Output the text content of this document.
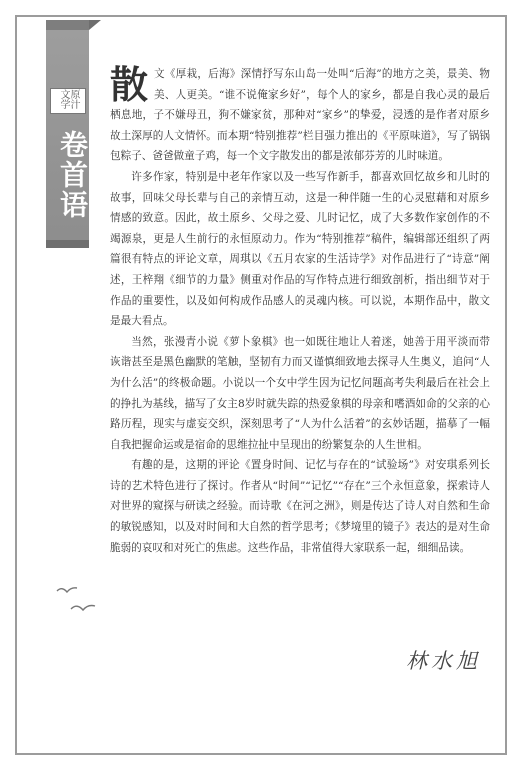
原汁文学
卷首语

散文《厚栽，后海》深情抒写东山岛一处叫“后海”的地方之美，景美、物美、人更美。“谁不说俺家乡好”，每个人的家乡，都是自我心灵的最后栖息地，子不嫌母丑，狗不嫌家贫，那种对“家乡”的挚爱，浸透的是作者对原乡故土深厚的人文情怀。而本期“特别推荐”栏目强力推出的《平原味道》，写了锅锅包粽子、爸爸做童子鸡，每一个文字散发出的都是浓郁芬芳的儿时味道。

许多作家，特别是中老年作家以及一些写作新手，都喜欢回忆故乡和儿时的故事，回味父母长辈与自己的亲情互动，这是一种伴随一生的心灵慰藉和对原乡情感的致意。因此，故土原乡、父母之爱、儿时记忆，成了大多数作家创作的不竭源泉，更是人生前行的永恒原动力。作为“特别推荐”稿件，编辑部还组织了两篇很有特点的评论文章，周琪以《五月农家的生活诗学》对作品进行了“诗意”阐述，王梓翔《细节的力量》侧重对作品的写作特点进行细致剖析，指出细节对于作品的重要性，以及如何构成作品感人的灵魂内核。可以说，本期作品中，散文是最大看点。

当然，张漫青小说《萝卜象棋》也一如既往地让人着迷，她善于用平淡而带诙谐甚至是黑色幽默的笔触，坚韧有力而又谨慎细致地去探寻人生奥义，追问“人为什么活”的终极命题。小说以一个女中学生因为记忆问题高考失利最后在社会上的挣扎为基线，描写了女主8岁时就失踪的热爱象棋的母亲和嗜酒如命的父亲的心路历程，现实与虚妄交织，深刻思考了“人为什么活着”的玄妙话题，描摹了一幅自我把握命运或是宿命的思维拉扯中呈现出的纷繁复杂的人生世相。

有趣的是，这期的评论《置身时间、记忆与存在的“试验场”》对安琪系列长诗的艺术特色进行了探讨。作者从“时间”“记忆”“存在”三个永恒意象，探索诗人对世界的窥探与研读之经验。而诗歌《在河之洲》，则是传达了诗人对自然和生命的敏锐感知，以及对时间和大自然的哲学思考；《梦境里的镜子》表达的是对生命脆弱的哀叹和对死亡的焦虑。这些作品，非常值得大家联系一起，细细品读。

林水旭
